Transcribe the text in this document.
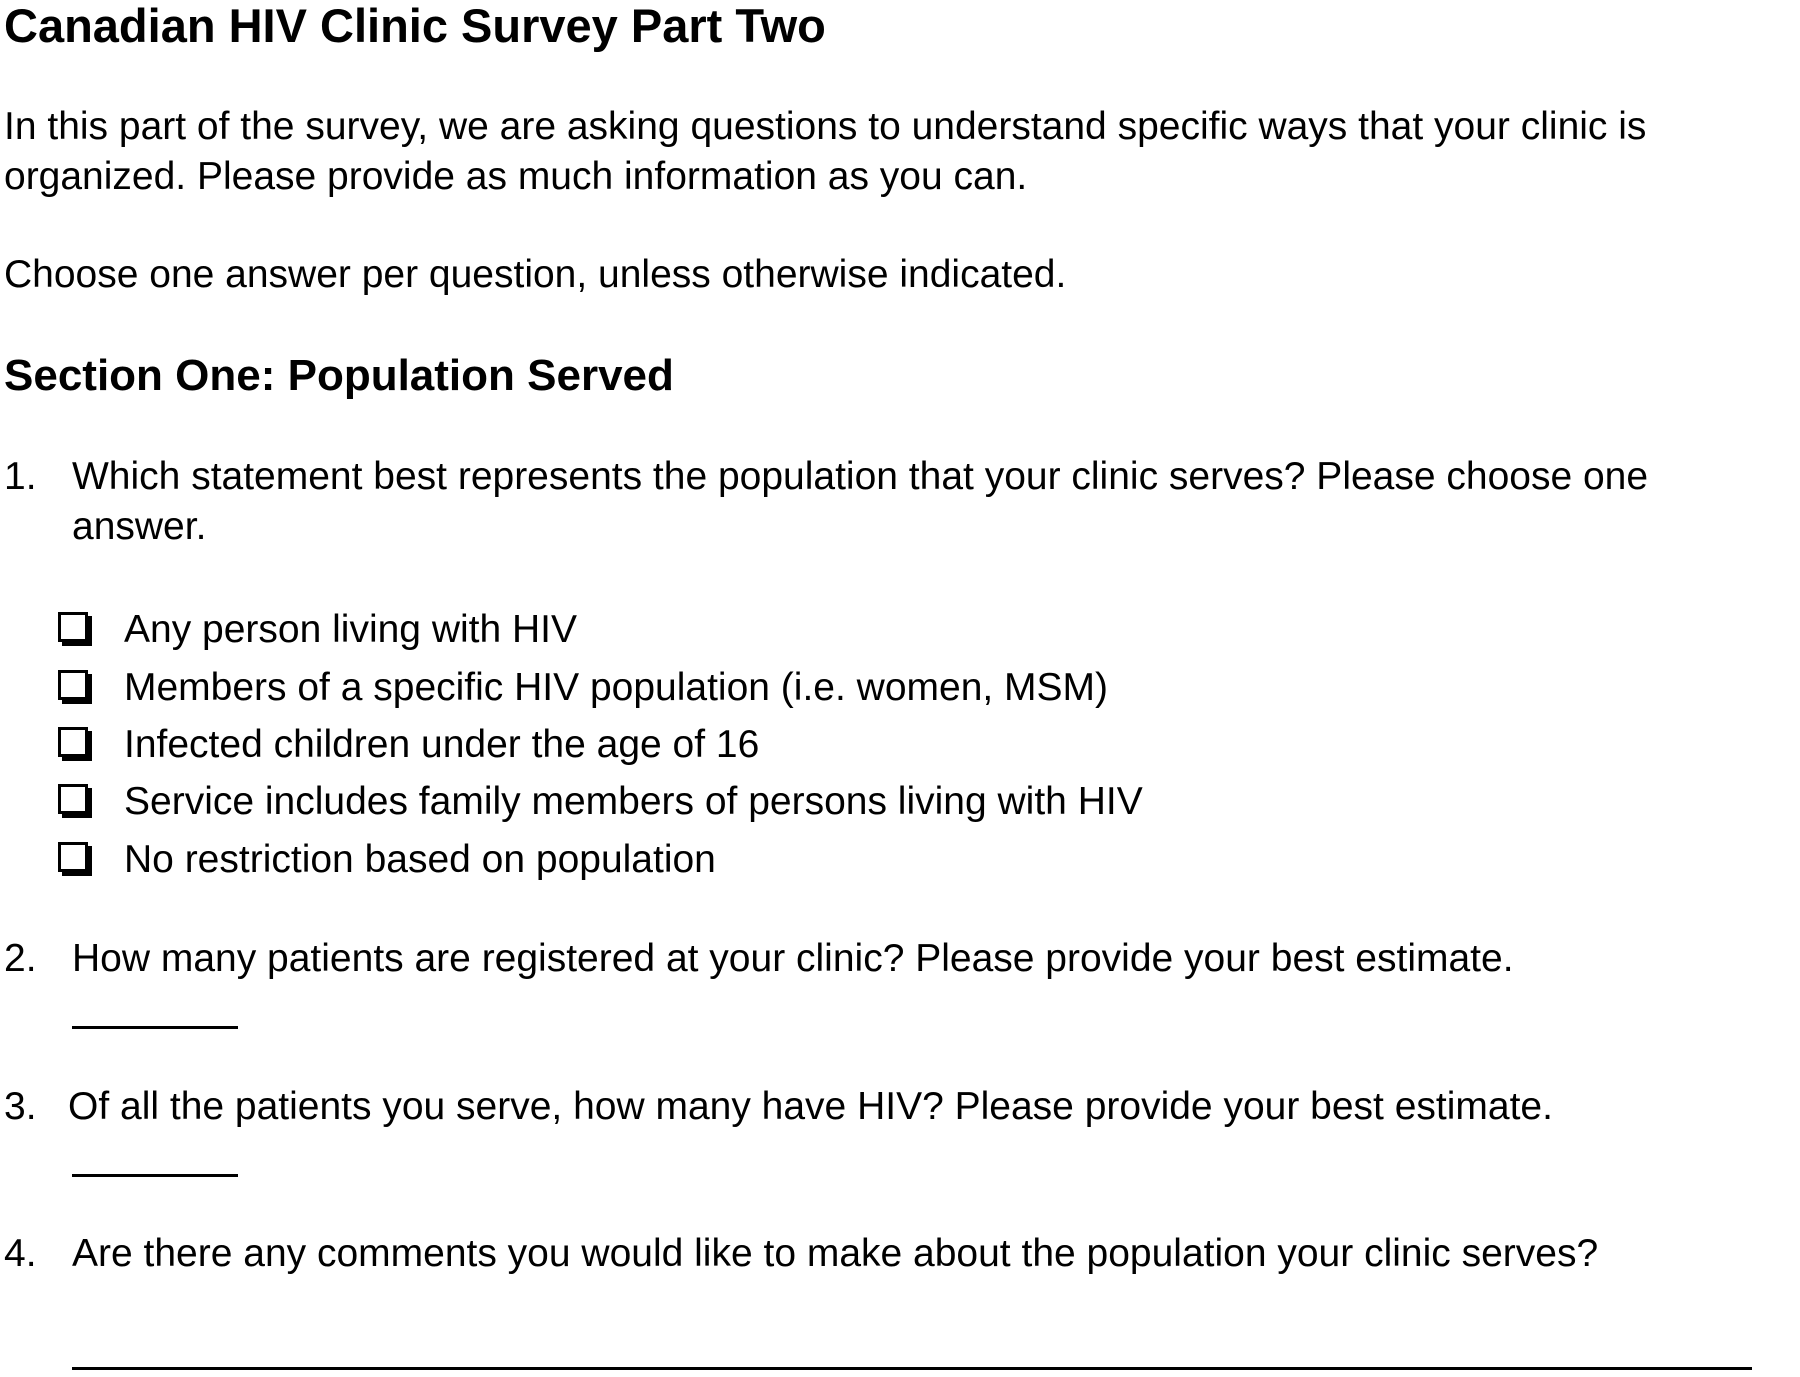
Canadian HIV Clinic Survey Part Two
In this part of the survey, we are asking questions to understand specific ways that your clinic is
organized. Please provide as much information as you can.
Choose one answer per question, unless otherwise indicated.
Section One: Population Served
1. Which statement best represents the population that your clinic serves? Please choose one
answer.
Any person living with HIV
Members of a specific HIV population (i.e. women, MSM)
Infected children under the age of 16
Service includes family members of persons living with HIV
No restriction based on population
2. How many patients are registered at your clinic? Please provide your best estimate.
3. Of all the patients you serve, how many have HIV? Please provide your best estimate.
4. Are there any comments you would like to make about the population your clinic serves?
